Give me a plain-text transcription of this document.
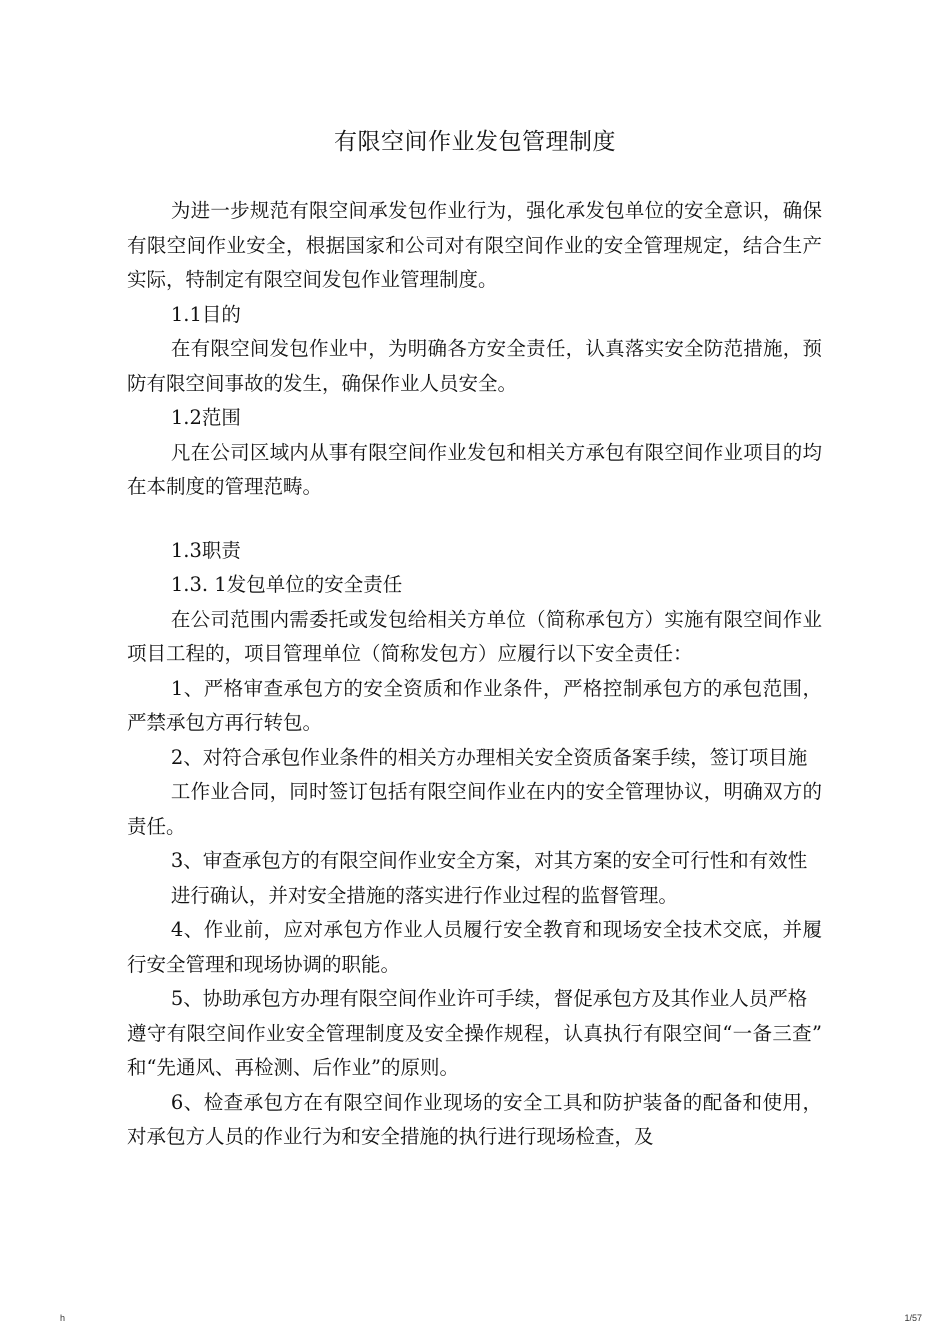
有限空间作业发包管理制度

为进一步规范有限空间承发包作业行为，强化承发包单位的安全意识，确保有限空间作业安全，根据国家和公司对有限空间作业的安全管理规定，结合生产实际，特制定有限空间发包作业管理制度。

1.1目的

在有限空间发包作业中，为明确各方安全责任，认真落实安全防范措施，预 防有限空间事故的发生，确保作业人员安全。

1.2范围

凡在公司区域内从事有限空间作业发包和相关方承包有限空间作业项目的均 在本制度的管理范畴。

1.3职责

1.3. 1发包单位的安全责任

在公司范围内需委托或发包给相关方单位（简称承包方）实施有限空间作业项目工程的，项目管理单位（简称发包方）应履行以下安全责任：

1、严格审查承包方的安全资质和作业条件，严格控制承包方的承包范围，严禁承包方再行转包。

2、对符合承包作业条件的相关方办理相关安全资质备案手续，签订项目施

工作业合同，同时签订包括有限空间作业在内的安全管理协议，明确双方的责任。

3、审查承包方的有限空间作业安全方案，对其方案的安全可行性和有效性

进行确认，并对安全措施的落实进行作业过程的监督管理。

4、作业前，应对承包方作业人员履行安全教育和现场安全技术交底，并履 行安全管理和现场协调的职能。

5、协助承包方办理有限空间作业许可手续，督促承包方及其作业人员严格

遵守有限空间作业安全管理制度及安全操作规程，认真执行有限空间“一备三查” 和“先通风、再检测、后作业”的原则。

6、检查承包方在有限空间作业现场的安全工具和防护装备的配备和使用，对承包方人员的作业行为和安全措施的执行进行现场检查，及

h	1/57
